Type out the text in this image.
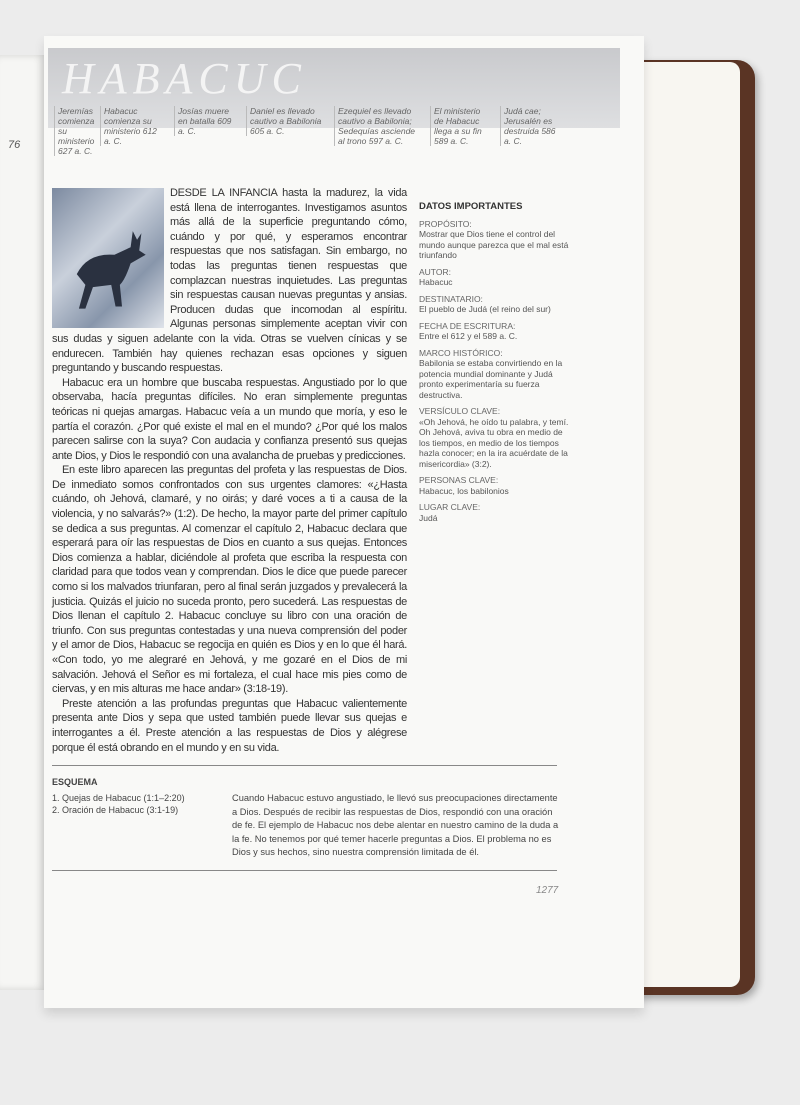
76
HABACUC
Jeremías comienza su ministerio 627 a. C.
Habacuc comienza su ministerio 612 a. C.
Josías muere en batalla 609 a. C.
Daniel es llevado cautivo a Babilonia 605 a. C.
Ezequiel es llevado cautivo a Babilonia; Sedequías asciende al trono 597 a. C.
El ministerio de Habacuc llega a su fin 589 a. C.
Judá cae; Jerusalén es destruida 586 a. C.

DESDE LA INFANCIA hasta la madurez, la vida está llena de interrogantes. Investigamos asuntos más allá de la superficie preguntando cómo, cuándo y por qué, y esperamos encontrar respuestas que nos satisfagan. Sin embargo, no todas las preguntas tienen respuestas que complazcan nuestras inquietudes. Las preguntas sin respuestas causan nuevas preguntas y ansias. Producen dudas que incomodan al espíritu. Algunas personas simplemente aceptan vivir con sus dudas y siguen adelante con la vida. Otras se vuelven cínicas y se endurecen. También hay quienes rechazan esas opciones y siguen preguntando y buscando respuestas.

Habacuc era un hombre que buscaba respuestas. Angustiado por lo que observaba, hacía preguntas difíciles. No eran simplemente preguntas teóricas ni quejas amargas. Habacuc veía a un mundo que moría, y eso le partía el corazón. ¿Por qué existe el mal en el mundo? ¿Por qué los malos parecen salirse con la suya? Con audacia y confianza presentó sus quejas ante Dios, y Dios le respondió con una avalancha de pruebas y predicciones.

En este libro aparecen las preguntas del profeta y las respuestas de Dios. De inmediato somos confrontados con sus urgentes clamores: «¿Hasta cuándo, oh Jehová, clamaré, y no oirás; y daré voces a ti a causa de la violencia, y no salvarás?» (1:2). De hecho, la mayor parte del primer capítulo se dedica a sus preguntas. Al comenzar el capítulo 2, Habacuc declara que esperará para oír las respuestas de Dios en cuanto a sus quejas. Entonces Dios comienza a hablar, diciéndole al profeta que escriba la respuesta con claridad para que todos vean y comprendan. Dios le dice que puede parecer como si los malvados triunfaran, pero al final serán juzgados y prevalecerá la justicia. Quizás el juicio no suceda pronto, pero sucederá. Las respuestas de Dios llenan el capítulo 2. Habacuc concluye su libro con una oración de triunfo. Con sus preguntas contestadas y una nueva comprensión del poder y el amor de Dios, Habacuc se regocija en quién es Dios y en lo que él hará. «Con todo, yo me alegraré en Jehová, y me gozaré en el Dios de mi salvación. Jehová el Señor es mi fortaleza, el cual hace mis pies como de ciervas, y en mis alturas me hace andar» (3:18-19).

Preste atención a las profundas preguntas que Habacuc valientemente presenta ante Dios y sepa que usted también puede llevar sus quejas e interrogantes a él. Preste atención a las respuestas de Dios y alégrese porque él está obrando en el mundo y en su vida.

DATOS IMPORTANTES
PROPÓSITO:
Mostrar que Dios tiene el control del mundo aunque parezca que el mal está triunfando
AUTOR:
Habacuc
DESTINATARIO:
El pueblo de Judá (el reino del sur)
FECHA DE ESCRITURA:
Entre el 612 y el 589 a. C.
MARCO HISTÓRICO:
Babilonia se estaba convirtiendo en la potencia mundial dominante y Judá pronto experimentaría su fuerza destructiva.
VERSÍCULO CLAVE:
«Oh Jehová, he oído tu palabra, y temí. Oh Jehová, aviva tu obra en medio de los tiempos, en medio de los tiempos hazla conocer; en la ira acuérdate de la misericordia» (3:2).
PERSONAS CLAVE:
Habacuc, los babilonios
LUGAR CLAVE:
Judá
ESQUEMA
1. Quejas de Habacuc (1:1–2:20)
2. Oración de Habacuc (3:1-19)
Cuando Habacuc estuvo angustiado, le llevó sus preocupaciones directamente a Dios. Después de recibir las respuestas de Dios, respondió con una oración de fe. El ejemplo de Habacuc nos debe alentar en nuestro camino de la duda a la fe. No tenemos por qué temer hacerle preguntas a Dios. El problema no es Dios y sus hechos, sino nuestra comprensión limitada de él.
1277
